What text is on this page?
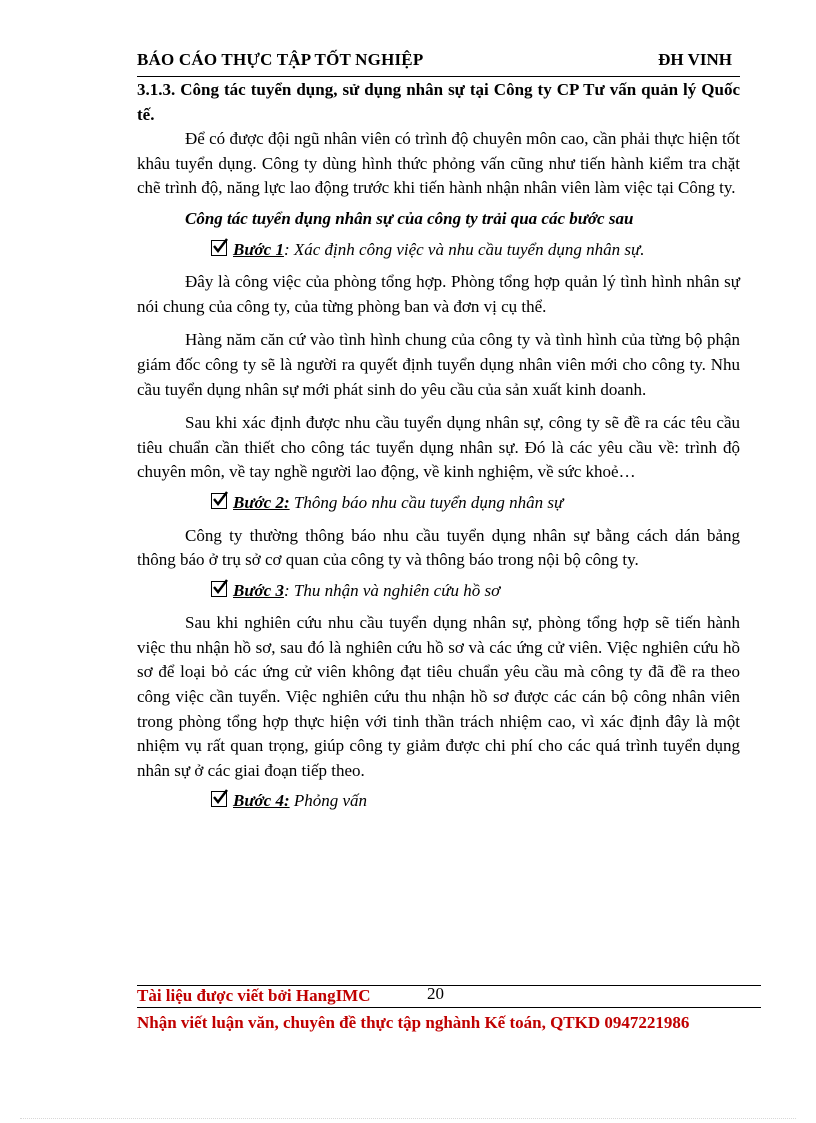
BÁO CÁO THỰC TẬP TỐT NGHIỆP	ĐH VINH

3.1.3. Công tác tuyển dụng, sử dụng nhân sự tại Công ty CP Tư vấn quản lý Quốc tế.

Để có được đội ngũ nhân viên có trình độ chuyên môn cao, cần phải thực hiện tốt khâu tuyển dụng. Công ty dùng hình thức phỏng vấn cũng như tiến hành kiểm tra chặt chẽ trình độ, năng lực lao động trước khi tiến hành nhận nhân viên làm việc tại Công ty.

Công tác tuyển dụng nhân sự của công ty trải qua các bước sau

Bước 1: Xác định công việc và nhu cầu tuyển dụng nhân sự.

Đây là công việc của phòng tổng hợp. Phòng tổng hợp quản lý tình hình nhân sự nói chung của công ty, của từng phòng ban và đơn vị cụ thể.

Hàng năm căn cứ vào tình hình chung của công ty và tình hình của từng bộ phận giám đốc công ty sẽ là người ra quyết định tuyển dụng nhân viên mới cho công ty. Nhu cầu tuyển dụng nhân sự mới phát sinh do yêu cầu của sản xuất kinh doanh.

Sau khi xác định được nhu cầu tuyển dụng nhân sự, công ty sẽ đề ra các têu cầu tiêu chuẩn cần thiết cho công tác tuyển dụng nhân sự. Đó là các yêu cầu về: trình độ chuyên môn, về tay nghề người lao động, về kinh nghiệm, về sức khoẻ…

Bước 2: Thông báo nhu cầu tuyển dụng nhân sự

Công ty thường thông báo nhu cầu tuyển dụng nhân sự bằng cách dán bảng thông báo ở trụ sở cơ quan của công ty và thông báo trong nội bộ công ty.

Bước 3: Thu nhận và nghiên cứu hồ sơ

Sau khi nghiên cứu nhu cầu tuyển dụng nhân sự, phòng tổng hợp sẽ tiến hành việc thu nhận hồ sơ, sau đó là nghiên cứu hồ sơ và các ứng cử viên. Việc nghiên cứu hồ sơ để loại bỏ các ứng cử viên không đạt tiêu chuẩn yêu cầu mà công ty đã đề ra theo công việc cần tuyển. Việc nghiên cứu thu nhận hồ sơ được các cán bộ công nhân viên trong phòng tổng hợp thực hiện với tinh thần trách nhiệm cao, vì xác định đây là một nhiệm vụ rất quan trọng, giúp công ty giảm được chi phí cho các quá trình tuyển dụng nhân sự ở các giai đoạn tiếp theo.

Bước 4: Phỏng vấn
Tài liệu được viết bởi HangIMC	20
Nhận viết luận văn, chuyên đề thực tập nghành Kế toán, QTKD 0947221986
